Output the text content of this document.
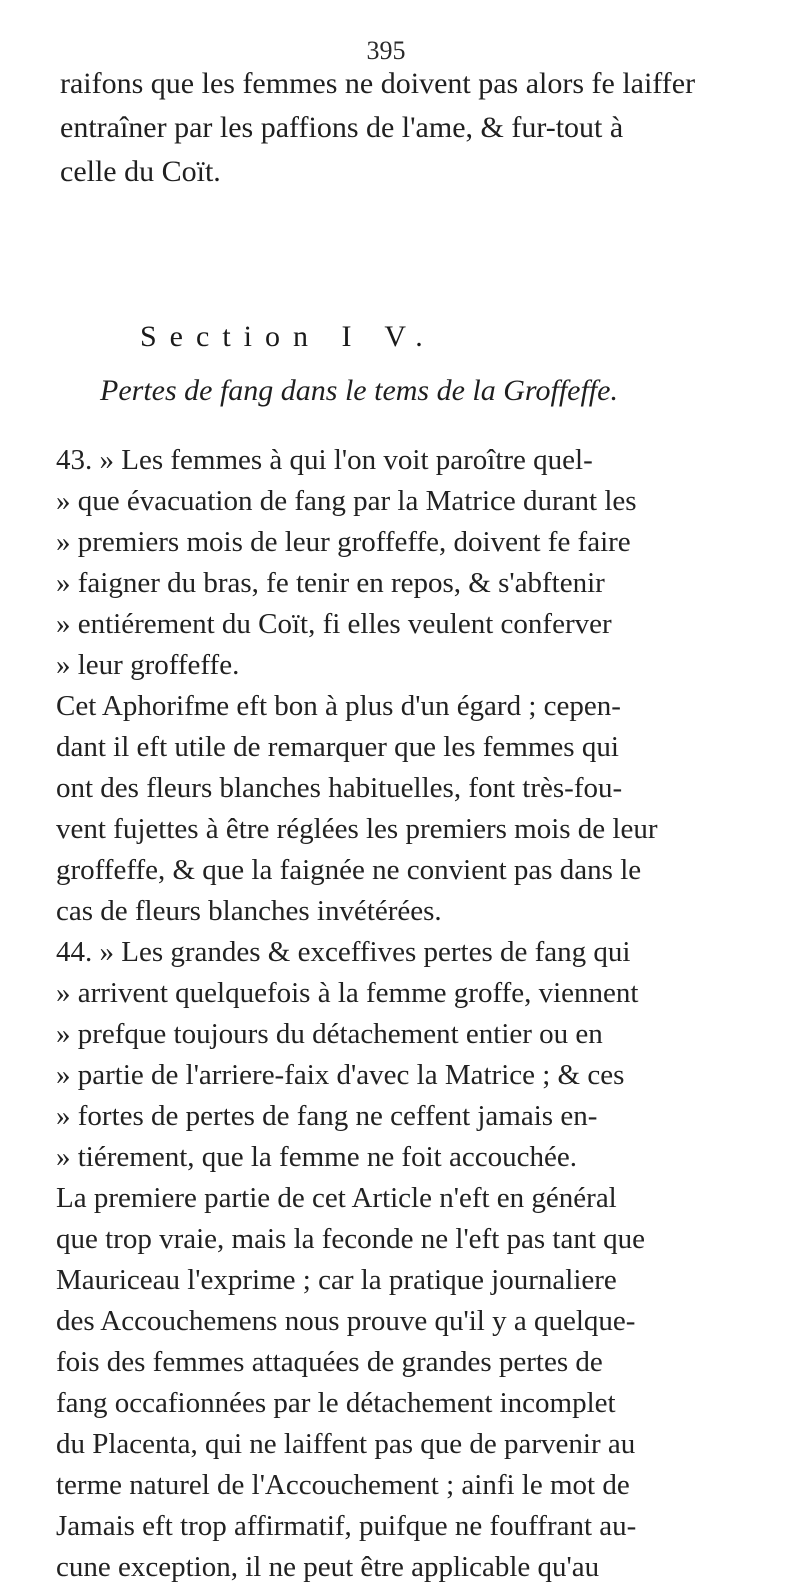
395
raifons que les femmes ne doivent pas alors fe laiffer
entraîner par les paffions de l'ame, & fur-tout à
celle du Coït.
Section I V.
Pertes de fang dans le tems de la Groffeffe.
43. » Les femmes à qui l'on voit paroître quel-
» que évacuation de fang par la Matrice durant les
» premiers mois de leur groffeffe, doivent fe faire
» faigner du bras, fe tenir en repos, & s'abftenir
» entiérement du Coït, fi elles veulent conferver
» leur groffeffe.
Cet Aphorifme eft bon à plus d'un égard ; cepen-
dant il eft utile de remarquer que les femmes qui
ont des fleurs blanches habituelles, font très-fou-
vent fujettes à être réglées les premiers mois de leur
groffeffe, & que la faignée ne convient pas dans le
cas de fleurs blanches invétérées.
44. » Les grandes & exceffives pertes de fang qui
» arrivent quelquefois à la femme groffe, viennent
» prefque toujours du détachement entier ou en
» partie de l'arriere-faix d'avec la Matrice ; & ces
» fortes de pertes de fang ne ceffent jamais en-
» tiérement, que la femme ne foit accouchée.
La premiere partie de cet Article n'eft en général
que trop vraie, mais la feconde ne l'eft pas tant que
Mauriceau l'exprime ; car la pratique journaliere
des Accouchemens nous prouve qu'il y a quelque-
fois des femmes attaquées de grandes pertes de
fang occafionnées par le détachement incomplet
du Placenta, qui ne laiffent pas que de parvenir au
terme naturel de l'Accouchement ; ainfi le mot de
Jamais eft trop affirmatif, puifque ne fouffrant au-
cune exception, il ne peut être applicable qu'au
